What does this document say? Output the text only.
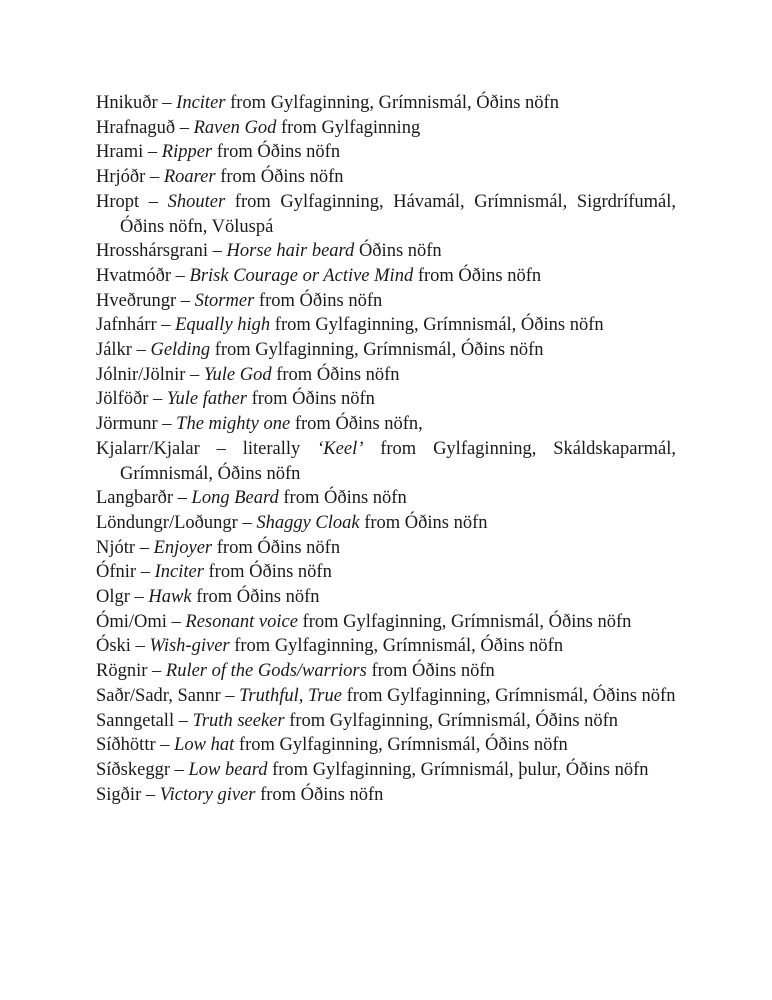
Hnikuðr – Inciter from Gylfaginning, Grímnismál, Óðins nöfn

Hrafnaguð – Raven God from Gylfaginning

Hrami – Ripper from Óðins nöfn

Hrjóðr – Roarer from Óðins nöfn

Hropt – Shouter from Gylfaginning, Hávamál, Grímnismál, Sigrdrífumál, Óðins nöfn, Völuspá

Hrosshársgrani – Horse hair beard Óðins nöfn

Hvatmóðr – Brisk Courage or Active Mind from Óðins nöfn

Hveðrungr – Stormer from Óðins nöfn

Jafnhárr – Equally high from Gylfaginning, Grímnismál, Óðins nöfn

Jálkr – Gelding from Gylfaginning, Grímnismál, Óðins nöfn

Jólnir/Jölnir – Yule God from Óðins nöfn

Jölföðr – Yule father from Óðins nöfn

Jörmunr – The mighty one from Óðins nöfn,

Kjalarr/Kjalar – literally ‘Keel’ from Gylfaginning, Skáldskaparmál, Grímnismál, Óðins nöfn

Langbarðr – Long Beard from Óðins nöfn

Löndungr/Loðungr – Shaggy Cloak from Óðins nöfn

Njótr – Enjoyer from Óðins nöfn

Ófnir – Inciter from Óðins nöfn

Olgr – Hawk from Óðins nöfn

Ómi/Omi – Resonant voice from Gylfaginning, Grímnismál, Óðins nöfn

Óski – Wish-giver from Gylfaginning, Grímnismál, Óðins nöfn

Rögnir – Ruler of the Gods/warriors from Óðins nöfn

Saðr/Sadr, Sannr – Truthful, True from Gylfaginning, Grímnismál, Óðins nöfn

Sanngetall – Truth seeker from Gylfaginning, Grímnismál, Óðins nöfn

Síðhöttr – Low hat from Gylfaginning, Grímnismál, Óðins nöfn

Síðskeggr – Low beard from Gylfaginning, Grímnismál, þulur, Óðins nöfn

Sigðir – Victory giver from Óðins nöfn
